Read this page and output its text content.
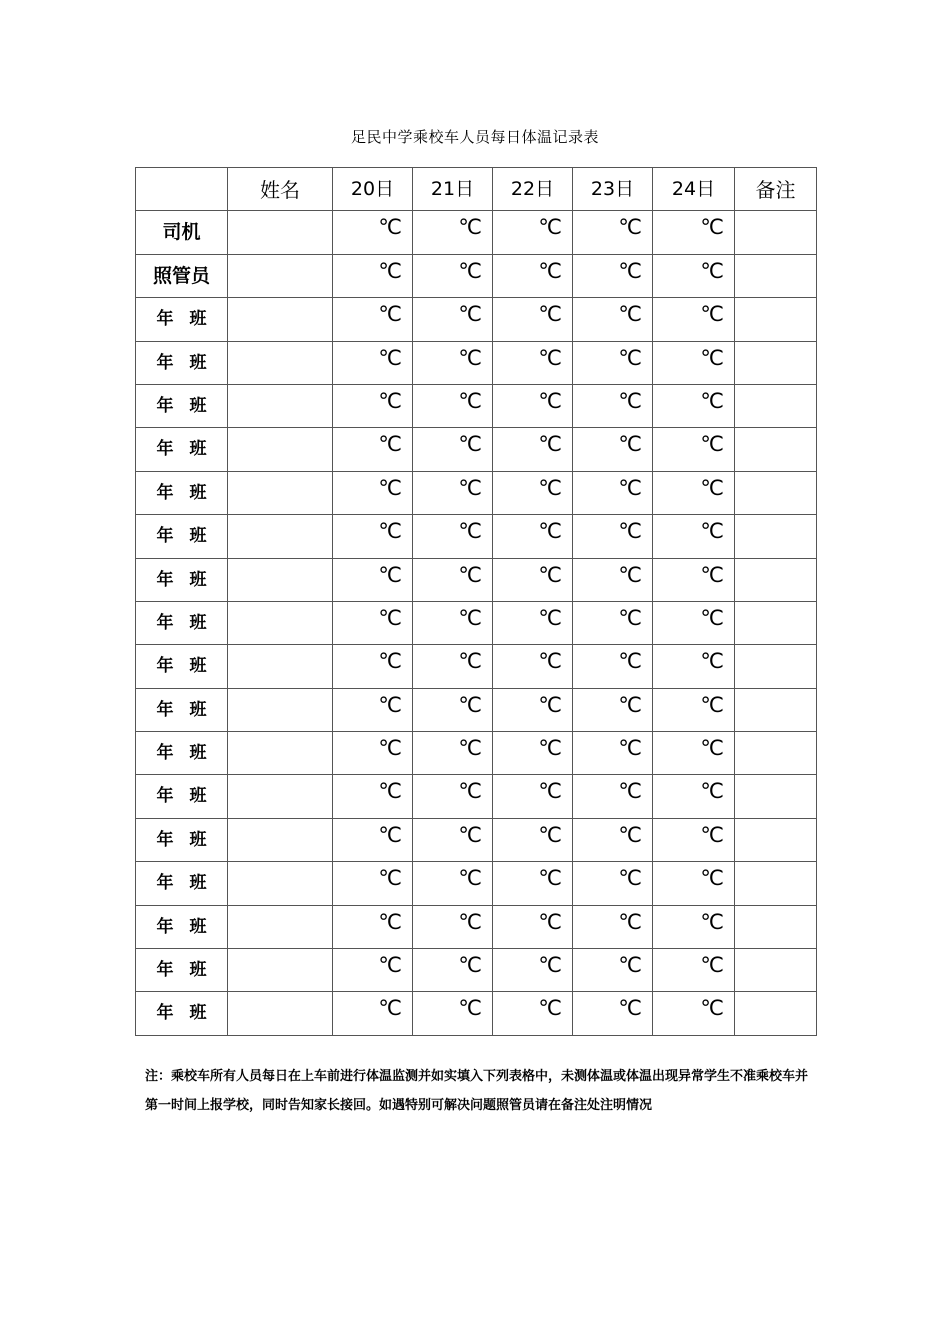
足民中学乘校车人员每日体温记录表
	姓名	20日	21日	22日	23日	24日	备注
司机		℃	℃	℃	℃	℃	
照管员		℃	℃	℃	℃	℃	
年 班		℃	℃	℃	℃	℃	
年 班		℃	℃	℃	℃	℃	
年 班		℃	℃	℃	℃	℃	
年 班		℃	℃	℃	℃	℃	
年 班		℃	℃	℃	℃	℃	
年 班		℃	℃	℃	℃	℃	
年 班		℃	℃	℃	℃	℃	
年 班		℃	℃	℃	℃	℃	
年 班		℃	℃	℃	℃	℃	
年 班		℃	℃	℃	℃	℃	
年 班		℃	℃	℃	℃	℃	
年 班		℃	℃	℃	℃	℃	
年 班		℃	℃	℃	℃	℃	
年 班		℃	℃	℃	℃	℃	
年 班		℃	℃	℃	℃	℃	
年 班		℃	℃	℃	℃	℃	
年 班		℃	℃	℃	℃	℃	
注：乘校车所有人员每日在上车前进行体温监测并如实填入下列表格中，未测体温或体温出现异常学生不准乘校车并第一时间上报学校，同时告知家长接回。如遇特别可解决问题照管员请在备注处注明情况
